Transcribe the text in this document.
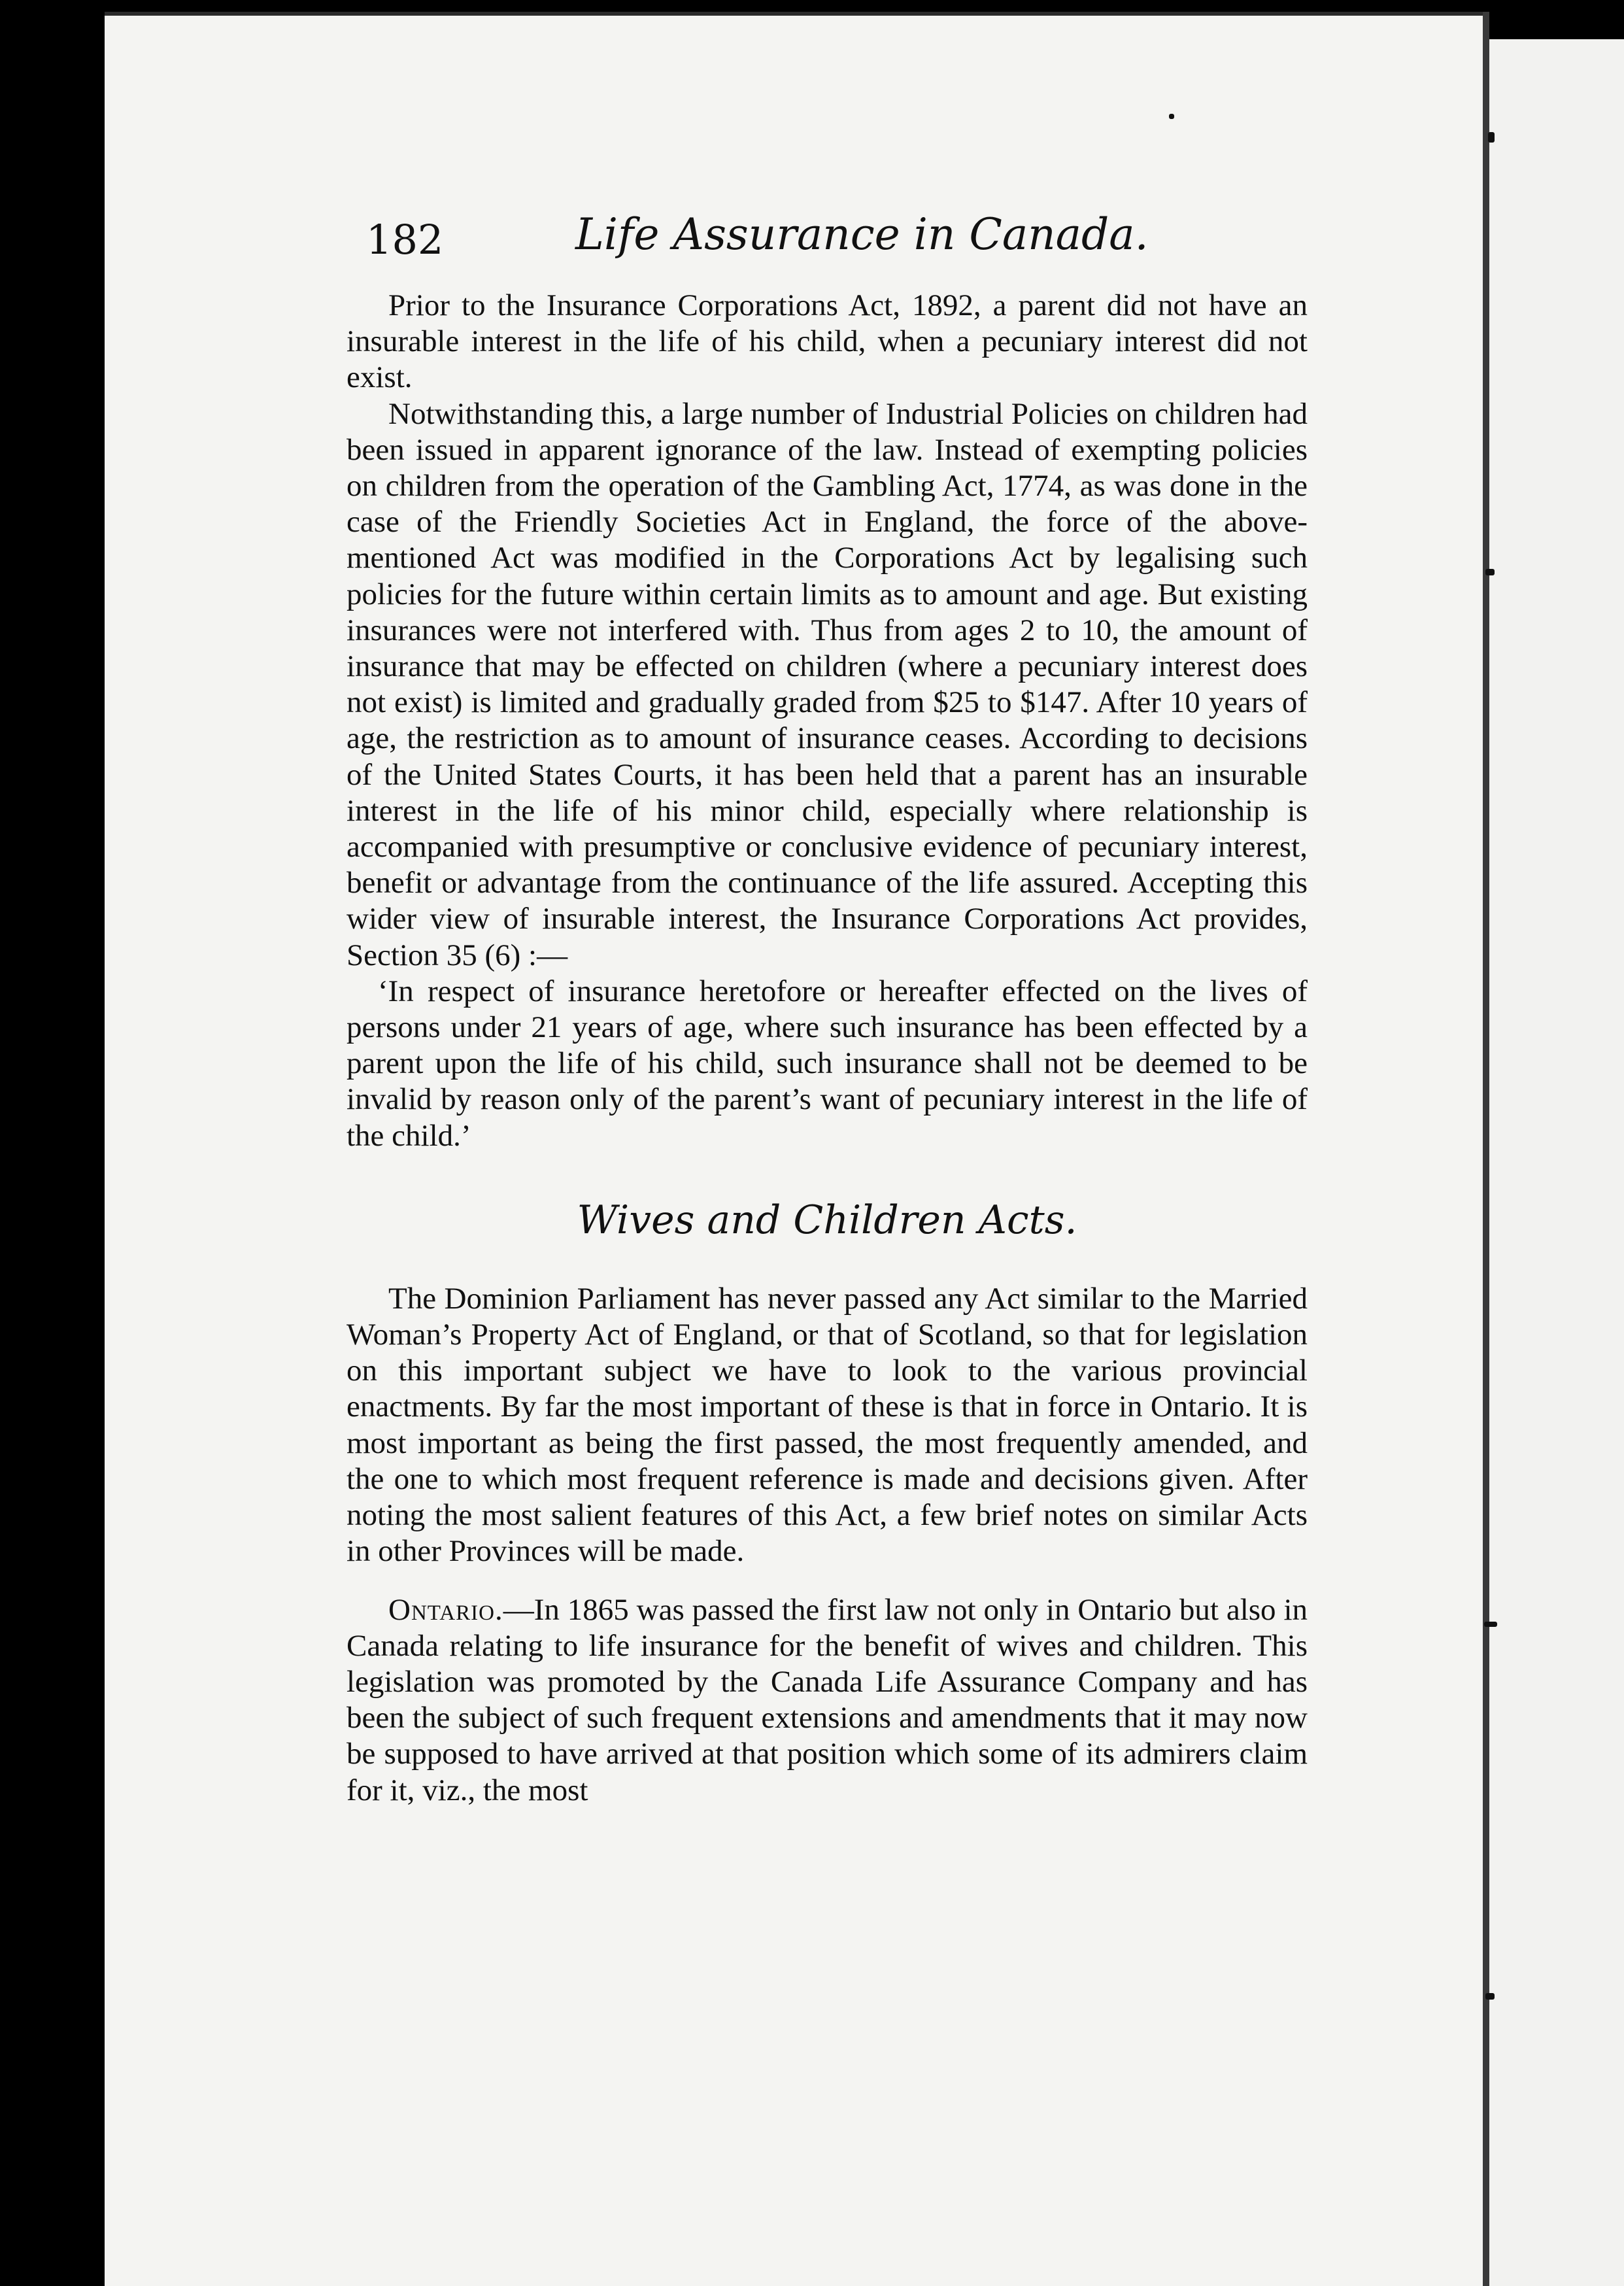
182	Life Assurance in Canada.

Prior to the Insurance Corporations Act, 1892, a parent did not have an insurable interest in the life of his child, when a pecuniary interest did not exist.

Notwithstanding this, a large number of Industrial Policies on children had been issued in apparent ignorance of the law. Instead of exempting policies on children from the operation of the Gambling Act, 1774, as was done in the case of the Friendly Societies Act in England, the force of the above-mentioned Act was modified in the Corporations Act by legalising such policies for the future within certain limits as to amount and age. But existing insurances were not interfered with. Thus from ages 2 to 10, the amount of insurance that may be effected on children (where a pecuniary interest does not exist) is limited and gradually graded from $25 to $147. After 10 years of age, the restriction as to amount of insurance ceases. According to decisions of the United States Courts, it has been held that a parent has an insurable interest in the life of his minor child, especially where relationship is accompanied with presumptive or conclusive evidence of pecuniary interest, benefit or advantage from the continuance of the life assured. Accepting this wider view of insurable interest, the Insurance Corporations Act provides, Section 35 (6) :—

‘In respect of insurance heretofore or hereafter effected on the lives of persons under 21 years of age, where such insurance has been effected by a parent upon the life of his child, such insurance shall not be deemed to be invalid by reason only of the parent’s want of pecuniary interest in the life of the child.’

Wives and Children Acts.

The Dominion Parliament has never passed any Act similar to the Married Woman’s Property Act of England, or that of Scotland, so that for legislation on this important subject we have to look to the various provincial enactments. By far the most important of these is that in force in Ontario. It is most important as being the first passed, the most frequently amended, and the one to which most frequent reference is made and decisions given. After noting the most salient features of this Act, a few brief notes on similar Acts in other Provinces will be made.

Ontario.—In 1865 was passed the first law not only in Ontario but also in Canada relating to life insurance for the benefit of wives and children. This legislation was promoted by the Canada Life Assurance Company and has been the subject of such frequent extensions and amendments that it may now be supposed to have arrived at that position which some of its admirers claim for it, viz., the most
